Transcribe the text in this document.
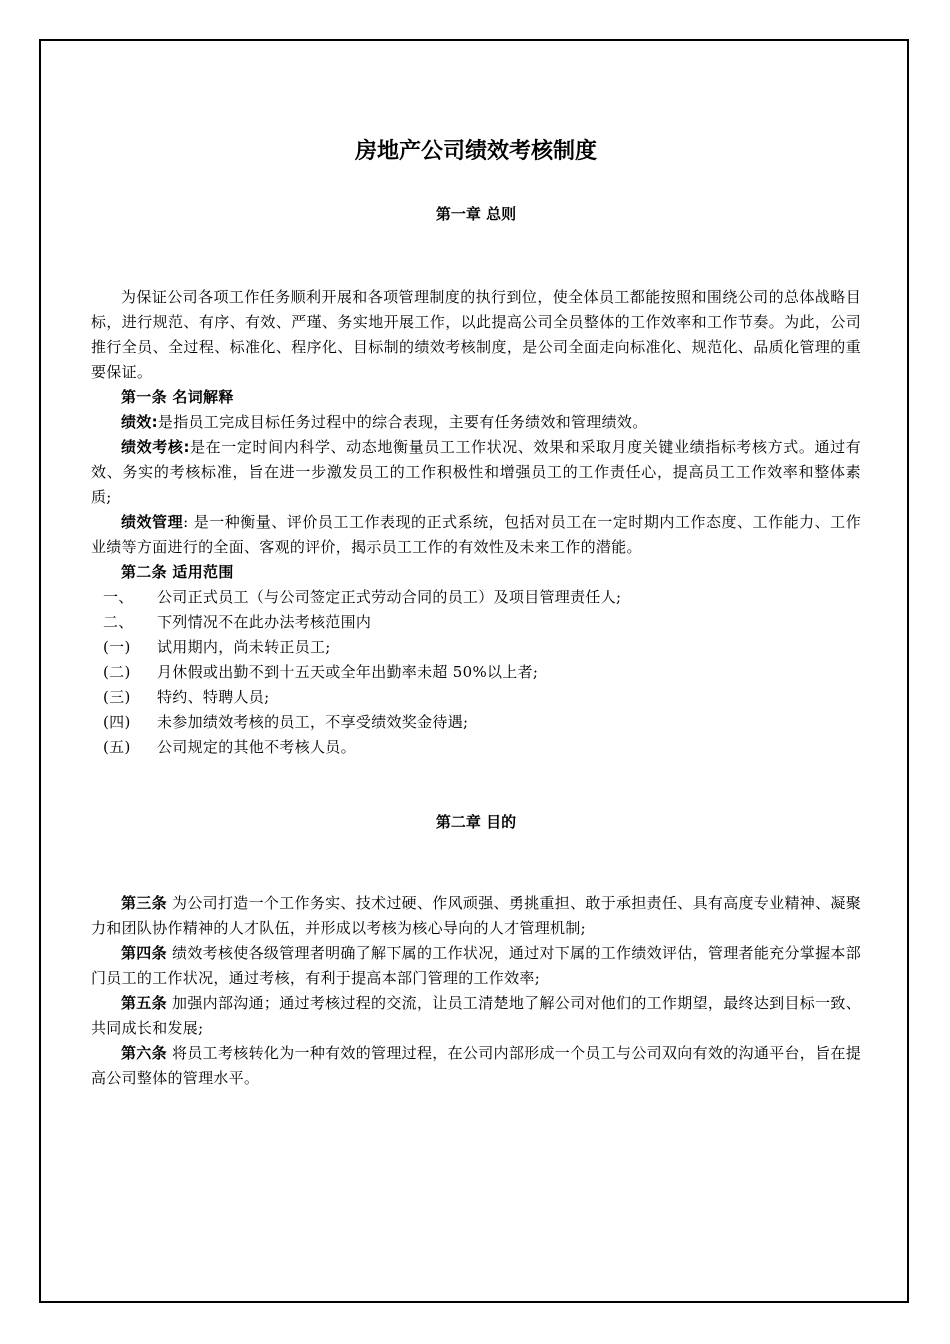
房地产公司绩效考核制度
第一章 总则

为保证公司各项工作任务顺利开展和各项管理制度的执行到位，使全体员工都能按照和围绕公司的总体战略目标，进行规范、有序、有效、严瑾、务实地开展工作，以此提高公司全员整体的工作效率和工作节奏。为此，公司推行全员、全过程、标准化、程序化、目标制的绩效考核制度，是公司全面走向标准化、规范化、品质化管理的重要保证。

第一条 名词解释

绩效:是指员工完成目标任务过程中的综合表现，主要有任务绩效和管理绩效。

绩效考核:是在一定时间内科学、动态地衡量员工工作状况、效果和采取月度关键业绩指标考核方式。通过有效、务实的考核标准，旨在进一步激发员工的工作积极性和增强员工的工作责任心，提高员工工作效率和整体素质;

绩效管理: 是一种衡量、评价员工工作表现的正式系统，包括对员工在一定时期内工作态度、工作能力、工作业绩等方面进行的全面、客观的评价，揭示员工工作的有效性及未来工作的潜能。

第二条 适用范围

一、	公司正式员工（与公司签定正式劳动合同的员工）及项目管理责任人;

二、	下列情况不在此办法考核范围内

(一)	试用期内，尚未转正员工;

(二)	月休假或出勤不到十五天或全年出勤率未超 50%以上者;

(三)	特约、特聘人员;

(四)	未参加绩效考核的员工，不享受绩效奖金待遇;

(五)	公司规定的其他不考核人员。

第二章 目的

第三条 为公司打造一个工作务实、技术过硬、作风顽强、勇挑重担、敢于承担责任、具有高度专业精神、凝聚力和团队协作精神的人才队伍，并形成以考核为核心导向的人才管理机制;

第四条 绩效考核使各级管理者明确了解下属的工作状况，通过对下属的工作绩效评估，管理者能充分掌握本部门员工的工作状况，通过考核，有利于提高本部门管理的工作效率;

第五条 加强内部沟通；通过考核过程的交流，让员工清楚地了解公司对他们的工作期望，最终达到目标一致、共同成长和发展;

第六条 将员工考核转化为一种有效的管理过程，在公司内部形成一个员工与公司双向有效的沟通平台，旨在提高公司整体的管理水平。
